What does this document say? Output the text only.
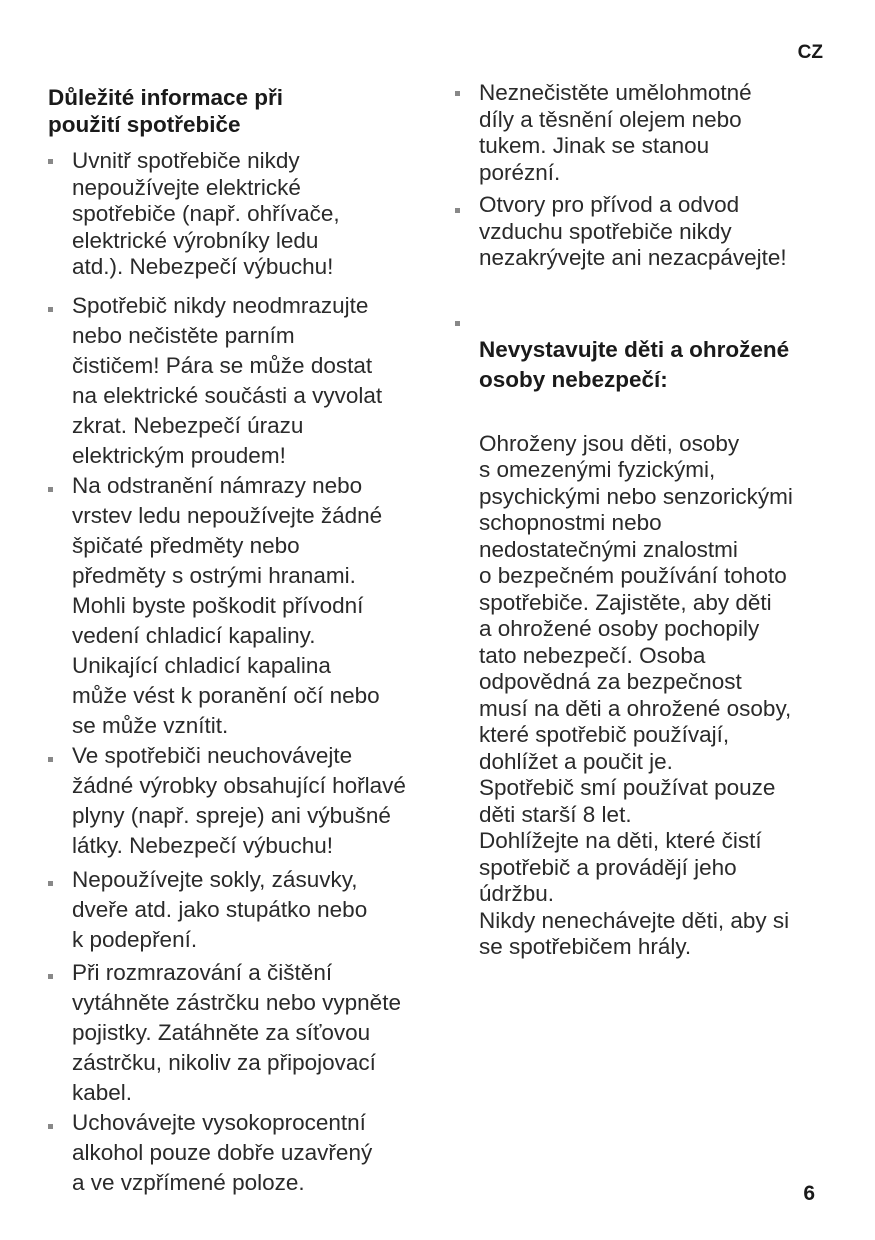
CZ
Důležité informace při
použití spotřebiče
Uvnitř spotřebiče nikdy
nepoužívejte elektrické
spotřebiče (např. ohřívače,
elektrické výrobníky ledu
atd.). Nebezpečí výbuchu!
Spotřebič nikdy neodmrazujte
nebo nečistěte parním
čističem! Pára se může dostat
na elektrické součásti a vyvolat
zkrat. Nebezpečí úrazu
elektrickým proudem!
Na odstranění námrazy nebo
vrstev ledu nepoužívejte žádné
špičaté předměty nebo
předměty s ostrými hranami.
Mohli byste poškodit přívodní
vedení chladicí kapaliny.
Unikající chladicí kapalina
může vést k poranění očí nebo
se může vznítit.
Ve spotřebiči neuchovávejte
žádné výrobky obsahující hořlavé
plyny (např. spreje) ani výbušné
látky. Nebezpečí výbuchu!
Nepoužívejte sokly, zásuvky,
dveře atd. jako stupátko nebo
k podepření.
Při rozmrazování a čištění
vytáhněte zástrčku nebo vypněte
pojistky. Zatáhněte za síťovou
zástrčku, nikoliv za připojovací
kabel.
Uchovávejte vysokoprocentní
alkohol pouze dobře uzavřený
a ve vzpřímené poloze.
Neznečistěte umělohmotné
díly a těsnění olejem nebo
tukem. Jinak se stanou
porézní.
Otvory pro přívod a odvod
vzduchu spotřebiče nikdy
nezakrývejte ani nezacpávejte!

Nevystavujte děti a ohrožené
osoby nebezpečí:

Ohroženy jsou děti, osoby
s omezenými fyzickými,
psychickými nebo senzorickými
schopnostmi nebo
nedostatečnými znalostmi
o bezpečném používání tohoto
spotřebiče. Zajistěte, aby děti
a ohrožené osoby pochopily
tato nebezpečí. Osoba
odpovědná za bezpečnost
musí na děti a ohrožené osoby,
které spotřebič používají,
dohlížet a poučit je.
Spotřebič smí používat pouze
děti starší 8 let.
Dohlížejte na děti, které čistí
spotřebič a provádějí jeho
údržbu.
Nikdy nenechávejte děti, aby si
se spotřebičem hrály.
6
